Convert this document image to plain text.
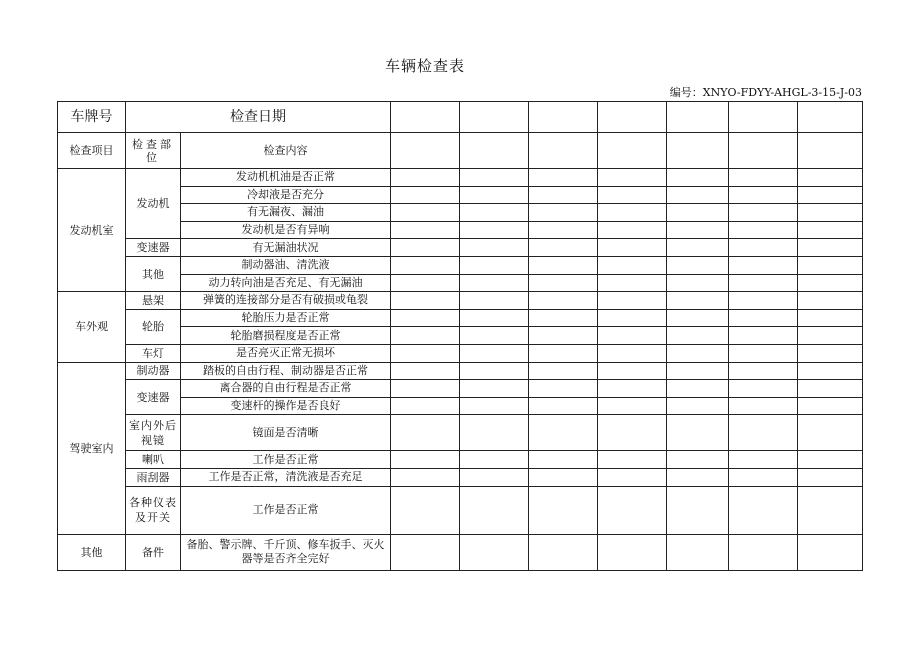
车辆检查表
编号：XNYO-FDYY-AHGL-3-15-J-03
车牌号	检查日期								
检查项目	检查部位	检查内容							
发动机室	发动机	发动机机油是否正常							
		冷却液是否充分							
		有无漏夜、漏油							
		发动机是否有异响							
	变速器	有无漏油状况							
	其他	制动器油、清洗液							
		动力转向油是否充足、有无漏油							
车外观	悬架	弹簧的连接部分是否有破损或龟裂							
	轮胎	轮胎压力是否正常							
		轮胎磨损程度是否正常							
	车灯	是否亮灭正常无损坏							
驾驶室内	制动器	踏板的自由行程、制动器是否正常							
	变速器	离合器的自由行程是否正常							
		变速杆的操作是否良好							
	室内外后视镜	镜面是否清晰							
	喇叭	工作是否正常							
	雨刮器	工作是否正常，清洗液是否充足							
	各种仪表及开关	工作是否正常							
其他	备件	备胎、警示牌、千斤顶、修车扳手、灭火器等是否齐全完好							
